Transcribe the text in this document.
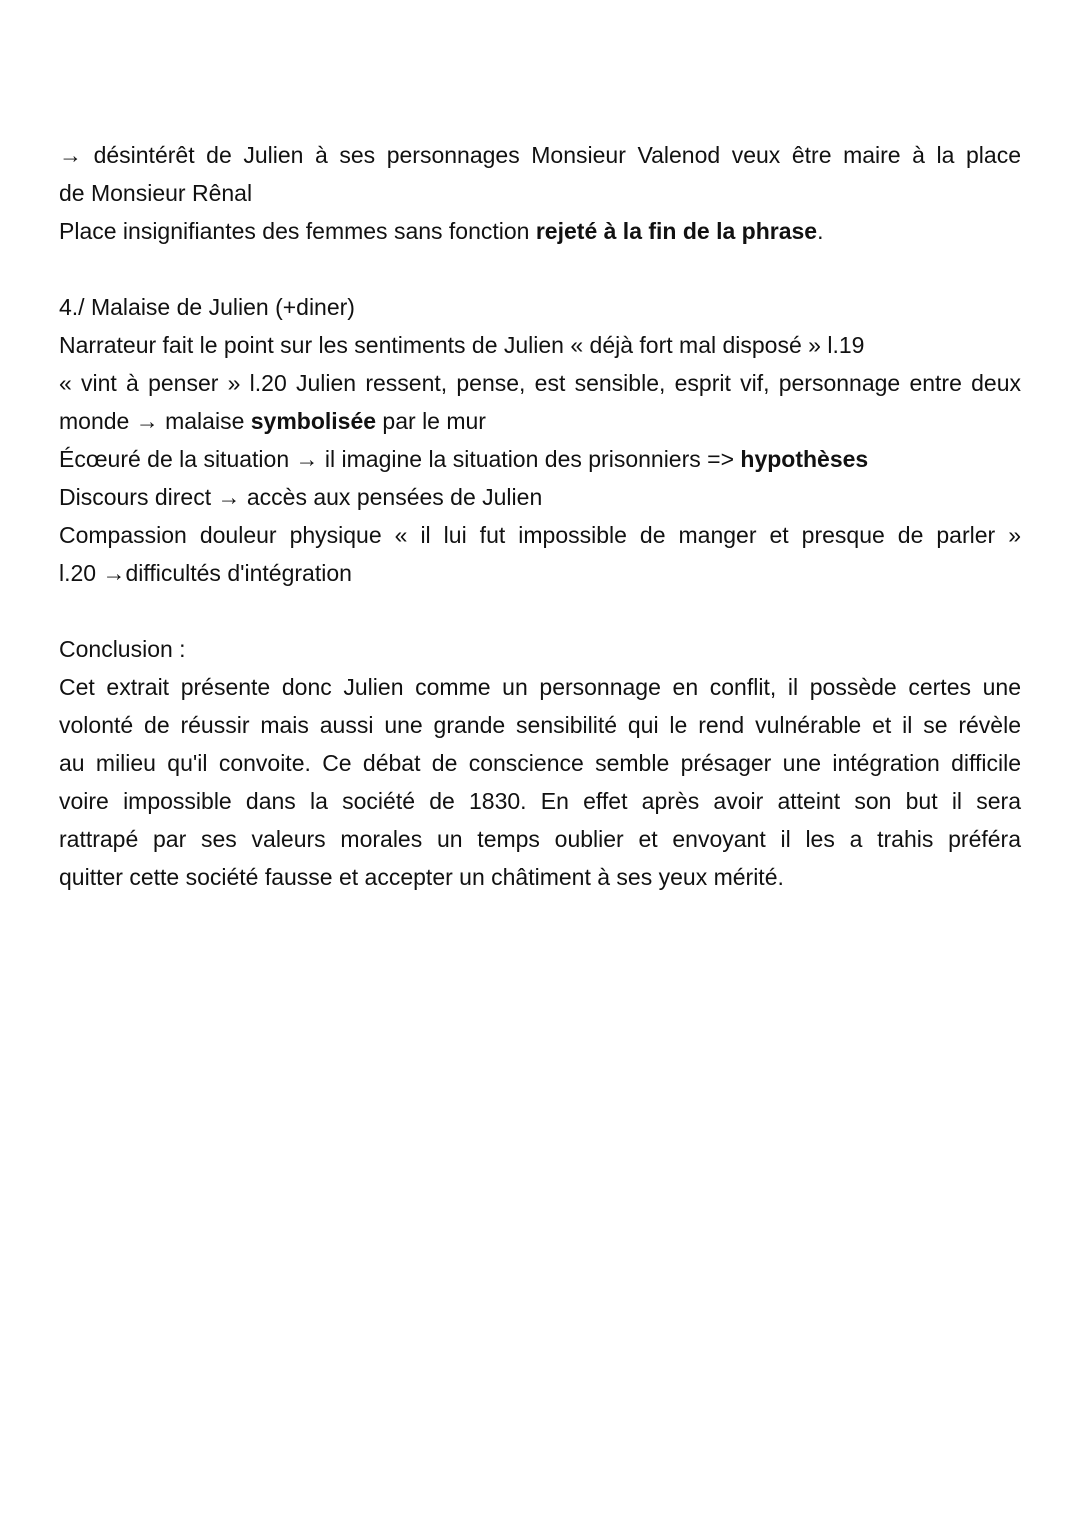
→ désintérêt de Julien à ses personnages Monsieur Valenod veux être maire à la place
de Monsieur Rênal
Place insignifiantes des femmes sans fonction rejeté à la fin de la phrase.
4./ Malaise de Julien (+diner)
Narrateur fait le point sur les sentiments de Julien « déjà fort mal disposé » l.19
« vint à penser » l.20 Julien ressent, pense, est sensible, esprit vif, personnage entre deux
monde → malaise symbolisée par le mur
Écœuré de la situation → il imagine la situation des prisonniers => hypothèses
Discours direct → accès aux pensées de Julien
Compassion douleur physique « il lui fut impossible de manger et presque de parler »
l.20 →difficultés d'intégration
Conclusion :
Cet extrait présente donc Julien comme un personnage en conflit, il possède certes une
volonté de réussir mais aussi une grande sensibilité qui le rend vulnérable et il se révèle
au milieu qu'il convoite. Ce débat de conscience semble présager une intégration difficile
voire impossible dans la société de 1830. En effet après avoir atteint son but il sera
rattrapé par ses valeurs morales un temps oublier et envoyant il les a trahis préféra
quitter cette société fausse et accepter un châtiment à ses yeux mérité.
